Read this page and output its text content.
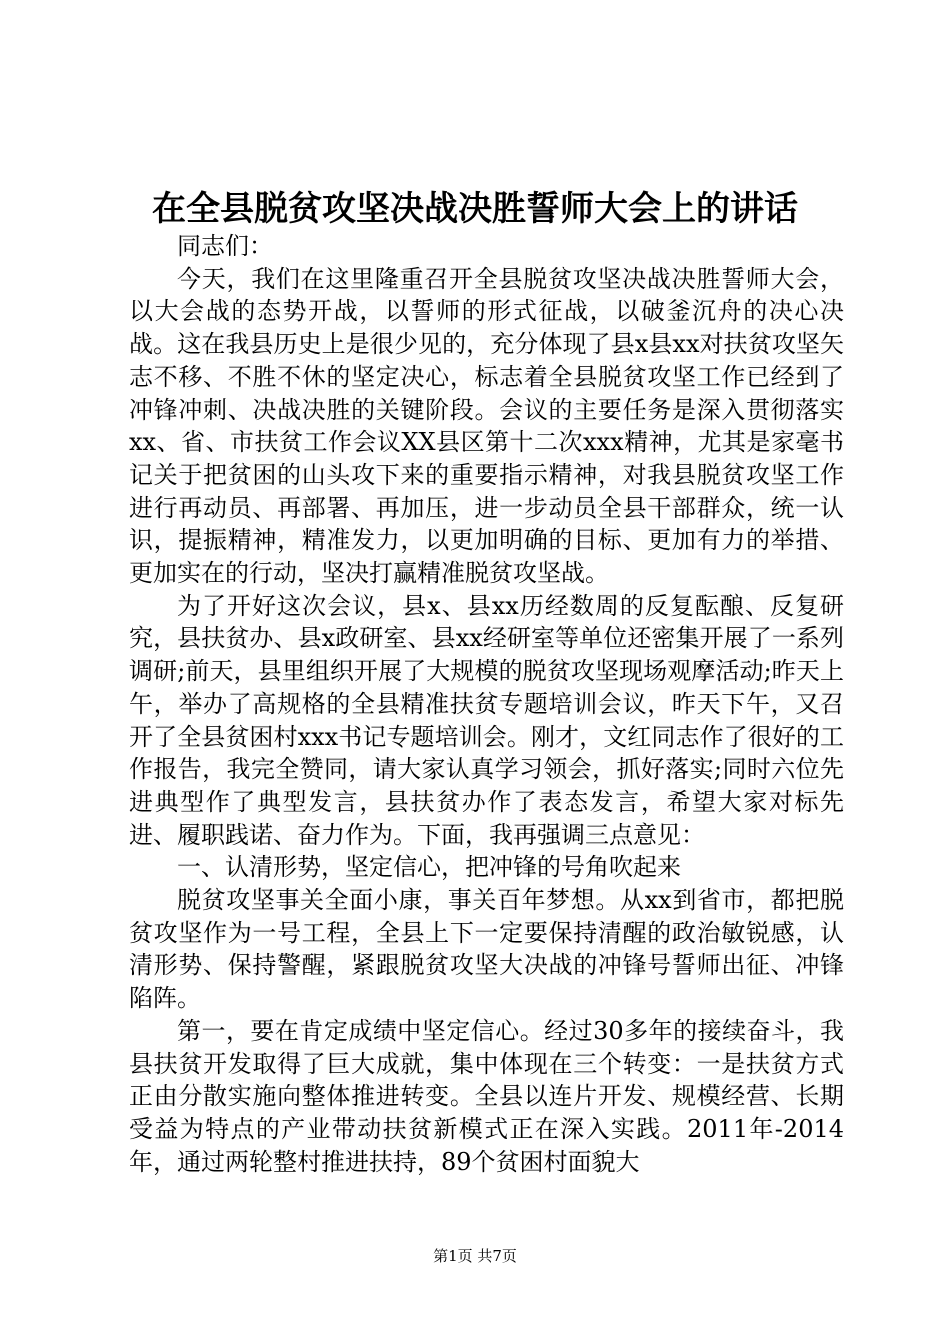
在全县脱贫攻坚决战决胜誓师大会上的讲话

同志们：

今天，我们在这里隆重召开全县脱贫攻坚决战决胜誓师大会，以大会战的态势开战，以誓师的形式征战，以破釜沉舟的决心决战。这在我县历史上是很少见的，充分体现了县x县xx对扶贫攻坚矢志不移、不胜不休的坚定决心，标志着全县脱贫攻坚工作已经到了冲锋冲刺、决战决胜的关键阶段。会议的主要任务是深入贯彻落实xx、省、市扶贫工作会议XX县区第十二次xxx精神，尤其是家毫书记关于把贫困的山头攻下来的重要指示精神，对我县脱贫攻坚工作进行再动员、再部署、再加压，进一步动员全县干部群众，统一认识，提振精神，精准发力，以更加明确的目标、更加有力的举措、更加实在的行动，坚决打赢精准脱贫攻坚战。

为了开好这次会议，县x、县xx历经数周的反复酝酿、反复研究，县扶贫办、县x政研室、县xx经研室等单位还密集开展了一系列调研;前天，县里组织开展了大规模的脱贫攻坚现场观摩活动;昨天上午，举办了高规格的全县精准扶贫专题培训会议，昨天下午，又召开了全县贫困村xxx书记专题培训会。刚才，文红同志作了很好的工作报告，我完全赞同，请大家认真学习领会，抓好落实;同时六位先进典型作了典型发言，县扶贫办作了表态发言，希望大家对标先进、履职践诺、奋力作为。下面，我再强调三点意见：

一、认清形势，坚定信心，把冲锋的号角吹起来

脱贫攻坚事关全面小康，事关百年梦想。从xx到省市，都把脱贫攻坚作为一号工程，全县上下一定要保持清醒的政治敏锐感，认清形势、保持警醒，紧跟脱贫攻坚大决战的冲锋号誓师出征、冲锋陷阵。

第一，要在肯定成绩中坚定信心。经过30多年的接续奋斗，我县扶贫开发取得了巨大成就，集中体现在三个转变：一是扶贫方式正由分散实施向整体推进转变。全县以连片开发、规模经营、长期受益为特点的产业带动扶贫新模式正在深入实践。2011年-2014年，通过两轮整村推进扶持，89个贫困村面貌大

第1页 共7页
